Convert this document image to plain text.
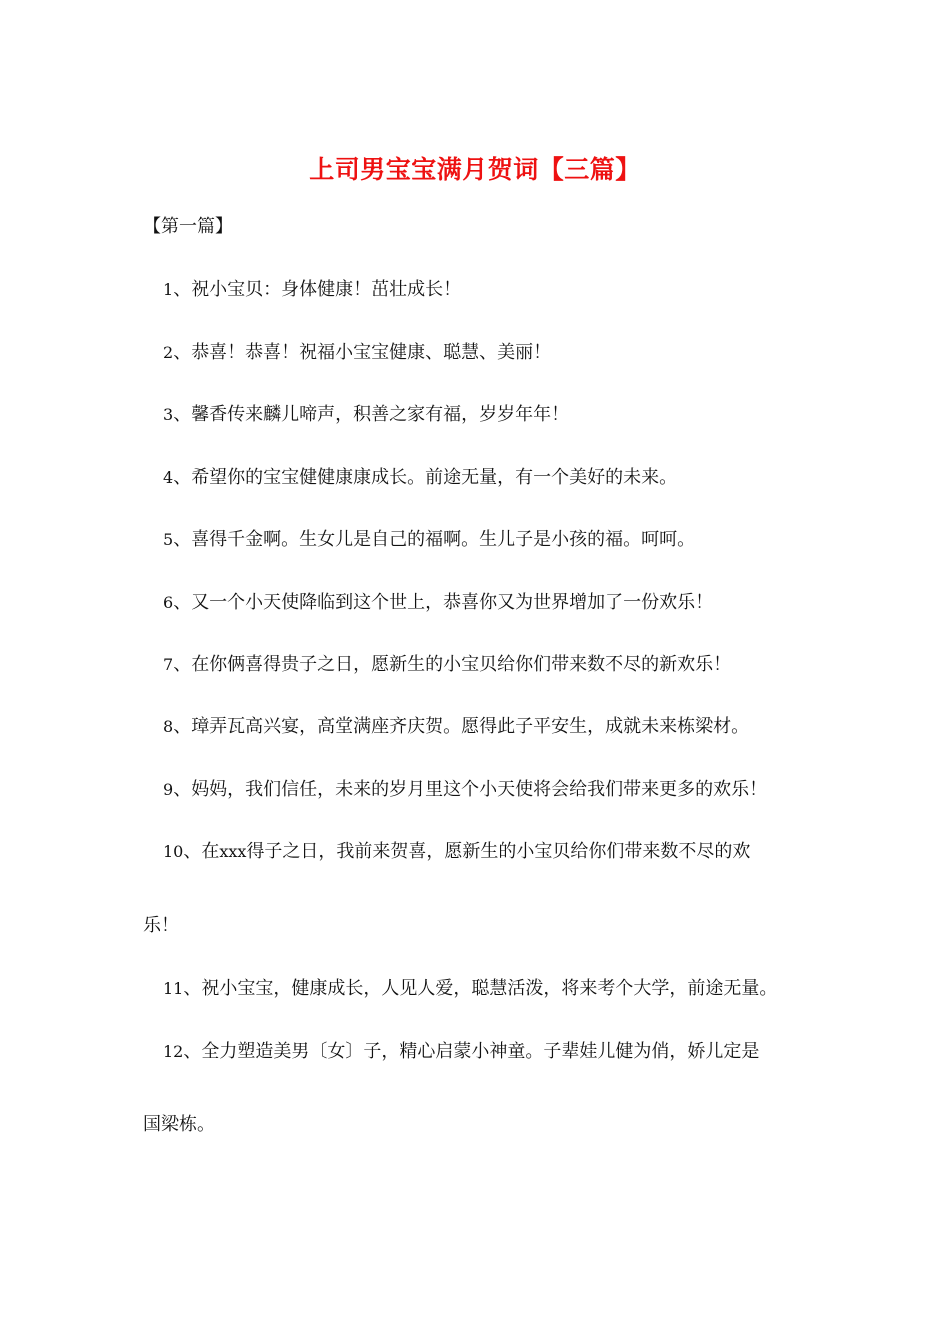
上司男宝宝满月贺词【三篇】
【第一篇】
1、祝小宝贝：身体健康！茁壮成长！
2、恭喜！恭喜！祝福小宝宝健康、聪慧、美丽！
3、馨香传来麟儿啼声，积善之家有福，岁岁年年！
4、希望你的宝宝健健康康成长。前途无量，有一个美好的未来。
5、喜得千金啊。生女儿是自己的福啊。生儿子是小孩的福。呵呵。
6、又一个小天使降临到这个世上，恭喜你又为世界增加了一份欢乐！
7、在你俩喜得贵子之日，愿新生的小宝贝给你们带来数不尽的新欢乐！
8、璋弄瓦高兴宴，高堂满座齐庆贺。愿得此子平安生，成就未来栋梁材。
9、妈妈，我们信任，未来的岁月里这个小天使将会给我们带来更多的欢乐！
10、在xxx得子之日，我前来贺喜，愿新生的小宝贝给你们带来数不尽的欢
乐！
11、祝小宝宝，健康成长，人见人爱，聪慧活泼，将来考个大学，前途无量。
12、全力塑造美男〔女〕子，精心启蒙小神童。子辈娃儿健为俏，娇儿定是
国梁栋。
